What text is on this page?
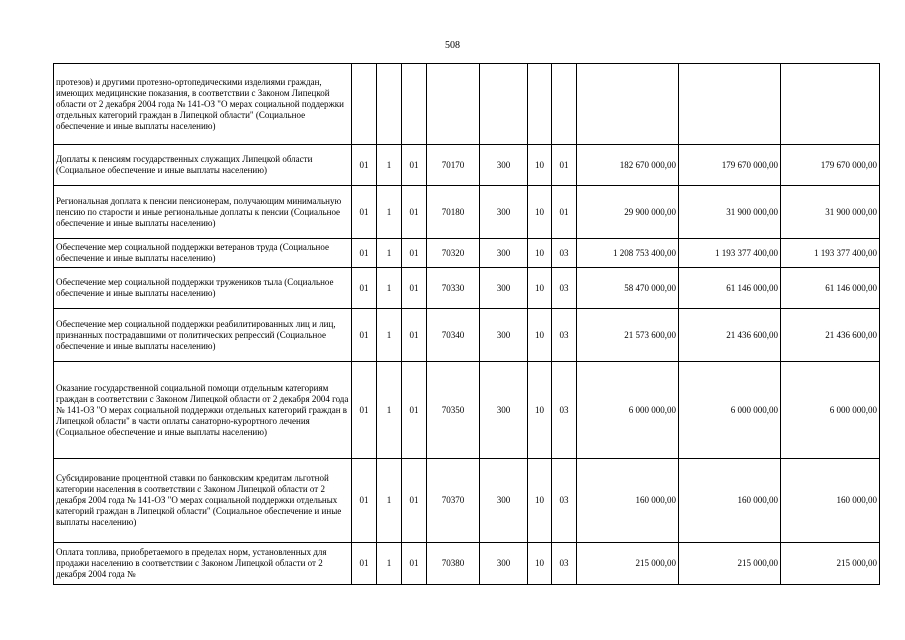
508
протезов) и другими протезно-ортопедическими изделиями граждан, имеющих медицинские показания, в соответствии с Законом Липецкой области от 2 декабря 2004 года № 141-ОЗ "О мерах социальной поддержки отдельных категорий граждан в Липецкой области" (Социальное обеспечение и иные выплаты населению)										
Доплаты к пенсиям государственных служащих Липецкой области (Социальное обеспечение и иные выплаты населению)	01	1	01	70170	300	10	01	182 670 000,00	179 670 000,00	179 670 000,00
Региональная доплата к пенсии пенсионерам, получающим минимальную пенсию по старости и иные региональные доплаты к пенсии (Социальное обеспечение и иные выплаты населению)	01	1	01	70180	300	10	01	29 900 000,00	31 900 000,00	31 900 000,00
Обеспечение мер социальной поддержки ветеранов труда (Социальное обеспечение и иные выплаты населению)	01	1	01	70320	300	10	03	1 208 753 400,00	1 193 377 400,00	1 193 377 400,00
Обеспечение мер социальной поддержки тружеников тыла (Социальное обеспечение и иные выплаты населению)	01	1	01	70330	300	10	03	58 470 000,00	61 146 000,00	61 146 000,00
Обеспечение мер социальной поддержки реабилитированных лиц и лиц, признанных пострадавшими от политических репрессий (Социальное обеспечение и иные выплаты населению)	01	1	01	70340	300	10	03	21 573 600,00	21 436 600,00	21 436 600,00
Оказание государственной социальной помощи отдельным категориям граждан в соответствии с Законом Липецкой области от 2 декабря 2004 года № 141-ОЗ "О мерах социальной поддержки отдельных категорий граждан в Липецкой области" в части оплаты санаторно-курортного лечения (Социальное обеспечение и иные выплаты населению)	01	1	01	70350	300	10	03	6 000 000,00	6 000 000,00	6 000 000,00
Субсидирование процентной ставки по банковским кредитам льготной категории населения в соответствии с Законом Липецкой области от 2 декабря 2004 года № 141-ОЗ "О мерах социальной поддержки отдельных категорий граждан в Липецкой области" (Социальное обеспечение и иные выплаты населению)	01	1	01	70370	300	10	03	160 000,00	160 000,00	160 000,00
Оплата топлива, приобретаемого в пределах норм, установленных для продажи населению в соответствии с Законом Липецкой области от 2 декабря 2004 года №	01	1	01	70380	300	10	03	215 000,00	215 000,00	215 000,00
